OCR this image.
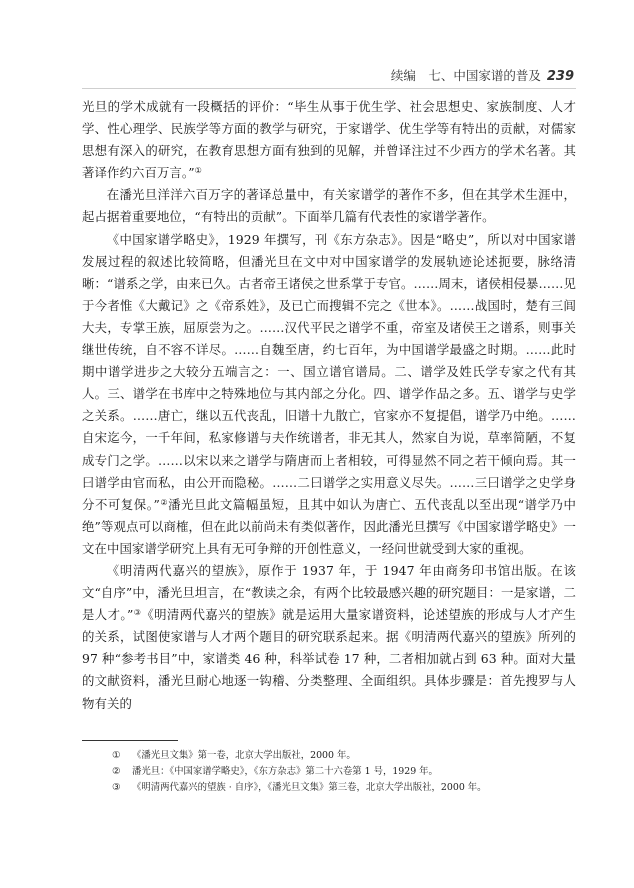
续编　七、中国家谱的普及 239

光旦的学术成就有一段概括的评价：“毕生从事于优生学、社会思想史、家族制度、人才学、性心理学、民族学等方面的教学与研究，于家谱学、优生学等有特出的贡献，对儒家思想有深入的研究，在教育思想方面有独到的见解，并曾译注过不少西方的学术名著。其著译作约六百万言。”①

在潘光旦洋洋六百万字的著译总量中，有关家谱学的著作不多，但在其学术生涯中，起占据着重要地位，“有特出的贡献”。下面举几篇有代表性的家谱学著作。

《中国家谱学略史》，1929 年撰写，刊《东方杂志》。因是“略史”，所以对中国家谱发展过程的叙述比较简略，但潘光旦在文中对中国家谱学的发展轨迹论述扼要，脉络清晰：“谱系之学，由来已久。古者帝王诸侯之世系掌于专官。……周末，诸侯相侵暴……见于今者惟《大戴记》之《帝系姓》，及已亡而搜辑不完之《世本》。……战国时，楚有三闾大夫，专掌王族，屈原尝为之。……汉代平民之谱学不重，帝室及诸侯王之谱系，则事关继世传统，自不容不详尽。……自魏至唐，约七百年，为中国谱学最盛之时期。……此时期中谱学进步之大较分五端言之：一、国立谱官谱局。二、谱学及姓氏学专家之代有其人。三、谱学在书库中之特殊地位与其内部之分化。四、谱学作品之多。五、谱学与史学之关系。……唐亡，继以五代丧乱，旧谱十九散亡，官家亦不复提倡，谱学乃中绝。……自宋迄今，一千年间，私家修谱与夫作统谱者，非无其人，然家自为说，草率简陋，不复成专门之学。……以宋以来之谱学与隋唐而上者相较，可得显然不同之若干倾向焉。其一曰谱学由官而私，由公开而隐秘。……二曰谱学之实用意义尽失。……三曰谱学之史学身分不可复保。”②潘光旦此文篇幅虽短，且其中如认为唐亡、五代丧乱以至出现“谱学乃中绝”等观点可以商榷，但在此以前尚未有类似著作，因此潘光旦撰写《中国家谱学略史》一文在中国家谱学研究上具有无可争辩的开创性意义，一经问世就受到大家的重视。

《明清两代嘉兴的望族》，原作于 1937 年，于 1947 年由商务印书馆出版。在该文“自序”中，潘光旦坦言，在“教读之余，有两个比较最感兴趣的研究题目：一是家谱，二是人才。”③《明清两代嘉兴的望族》就是运用大量家谱资料，论述望族的形成与人才产生的关系，试图使家谱与人才两个题目的研究联系起来。据《明清两代嘉兴的望族》所列的 97 种“参考书目”中，家谱类 46 种，科举试卷 17 种，二者相加就占到 63 种。面对大量的文献资料，潘光旦耐心地逐一钩稽、分类整理、全面组织。具体步骤是：首先搜罗与人物有关的

① 《潘光旦文集》第一卷，北京大学出版社，2000 年。
② 潘光旦：《中国家谱学略史》，《东方杂志》第二十六卷第 1 号，1929 年。
③ 《明清两代嘉兴的望族 · 自序》，《潘光旦文集》第三卷，北京大学出版社，2000 年。
